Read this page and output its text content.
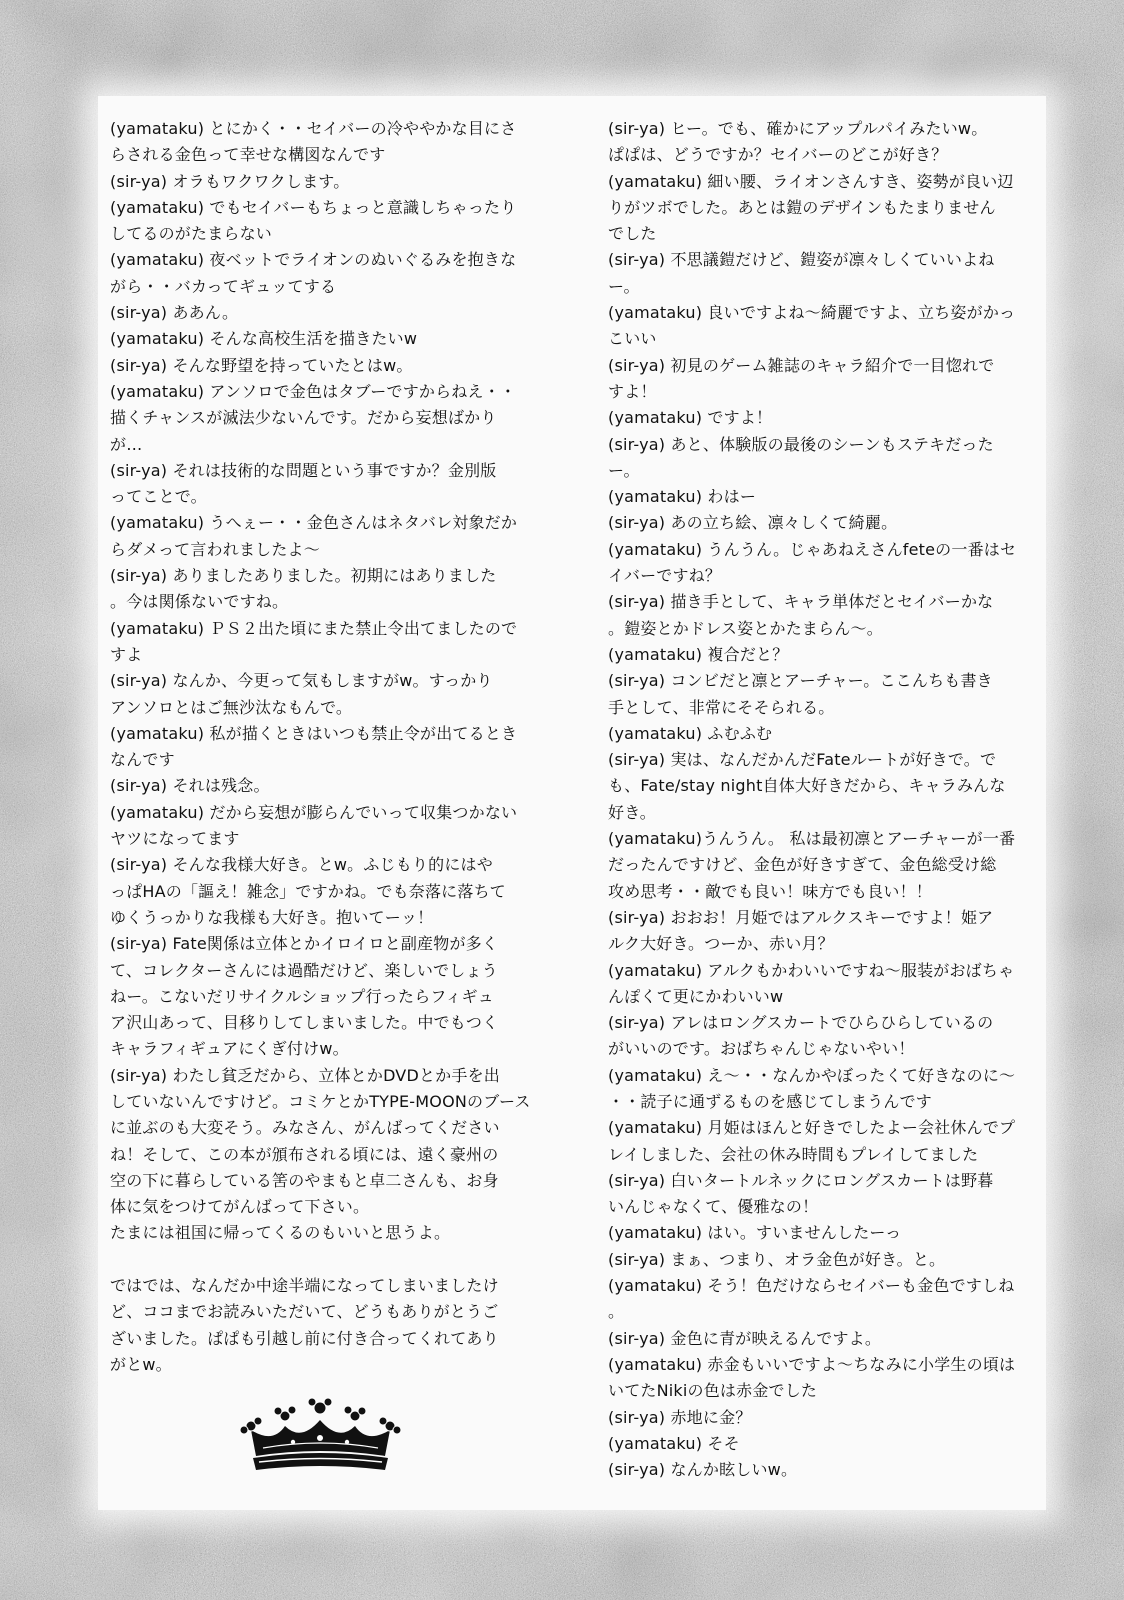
(yamataku) とにかく・・セイバーの冷ややかな目にさ
らされる金色って幸せな構図なんです
(sir-ya) オラもワクワクします。
(yamataku) でもセイバーもちょっと意識しちゃったり
してるのがたまらない
(yamataku) 夜ベットでライオンのぬいぐるみを抱きな
がら・・バカってギュッてする
(sir-ya) ああん。
(yamataku) そんな高校生活を描きたいw
(sir-ya) そんな野望を持っていたとはw。
(yamataku) アンソロで金色はタブーですからねえ・・
描くチャンスが滅法少ないんです。だから妄想ばかり
が…
(sir-ya) それは技術的な問題という事ですか？金別版
ってことで。
(yamataku) うへぇー・・金色さんはネタバレ対象だか
らダメって言われましたよ～
(sir-ya) ありましたありました。初期にはありました
。今は関係ないですね。
(yamataku) ＰＳ２出た頃にまた禁止令出てましたので
すよ
(sir-ya) なんか、今更って気もしますがw。すっかり
アンソロとはご無沙汰なもんで。
(yamataku) 私が描くときはいつも禁止令が出てるとき
なんです
(sir-ya) それは残念。
(yamataku) だから妄想が膨らんでいって収集つかない
ヤツになってます
(sir-ya) そんな我様大好き。とw。ふじもり的にはや
っぱHAの「謳え！雑念」ですかね。でも奈落に落ちて
ゆくうっかりな我様も大好き。抱いてーッ！
(sir-ya) Fate関係は立体とかイロイロと副産物が多く
て、コレクターさんには過酷だけど、楽しいでしょう
ねー。こないだリサイクルショップ行ったらフィギュ
ア沢山あって、目移りしてしまいました。中でもつく
キャラフィギュアにくぎ付けw。
(sir-ya) わたし貧乏だから、立体とかDVDとか手を出
していないんですけど。コミケとかTYPE-MOONのブース
に並ぶのも大変そう。みなさん、がんばってください
ね！そして、この本が頒布される頃には、遠く豪州の
空の下に暮らしている筈のやまもと卓二さんも、お身
体に気をつけてがんばって下さい。
たまには祖国に帰ってくるのもいいと思うよ。
ではでは、なんだか中途半端になってしまいましたけ
ど、ココまでお読みいただいて、どうもありがとうご
ざいました。ぱぱも引越し前に付き合ってくれてあり
がとw。
(sir-ya) ヒー。でも、確かにアップルパイみたいw。
ぱぱは、どうですか？セイバーのどこが好き？
(yamataku) 細い腰、ライオンさんすき、姿勢が良い辺
りがツボでした。あとは鎧のデザインもたまりません
でした
(sir-ya) 不思議鎧だけど、鎧姿が凛々しくていいよね
ー。
(yamataku) 良いですよね～綺麗ですよ、立ち姿がかっ
こいい
(sir-ya) 初見のゲーム雑誌のキャラ紹介で一目惚れで
すよ！
(yamataku) ですよ！
(sir-ya) あと、体験版の最後のシーンもステキだった
ー。
(yamataku) わはー
(sir-ya) あの立ち絵、凛々しくて綺麗。
(yamataku) うんうん。じゃあねえさんfeteの一番はセ
イバーですね？
(sir-ya) 描き手として、キャラ単体だとセイバーかな
。鎧姿とかドレス姿とかたまらん～。
(yamataku) 複合だと？
(sir-ya) コンビだと凛とアーチャー。ここんちも書き
手として、非常にそそられる。
(yamataku) ふむふむ
(sir-ya) 実は、なんだかんだFateルートが好きで。で
も、Fate/stay night自体大好きだから、キャラみんな
好き。
(yamataku)うんうん。 私は最初凛とアーチャーが一番
だったんですけど、金色が好きすぎて、金色総受け総
攻め思考・・敵でも良い！味方でも良い！！
(sir-ya) おおお！月姫ではアルクスキーですよ！姫ア
ルク大好き。つーか、赤い月？
(yamataku) アルクもかわいいですね～服装がおばちゃ
んぽくて更にかわいいw
(sir-ya) アレはロングスカートでひらひらしているの
がいいのです。おばちゃんじゃないやい！
(yamataku) え～・・なんかやぼったくて好きなのに～
・・読子に通ずるものを感じてしまうんです
(yamataku) 月姫はほんと好きでしたよー会社休んでプ
レイしました、会社の休み時間もプレイしてました
(sir-ya) 白いタートルネックにロングスカートは野暮
いんじゃなくて、優雅なの！
(yamataku) はい。すいませんしたーっ
(sir-ya) まぁ、つまり、オラ金色が好き。と。
(yamataku) そう！色だけならセイバーも金色ですしね
。
(sir-ya) 金色に青が映えるんですよ。
(yamataku) 赤金もいいですよ～ちなみに小学生の頃は
いてたNikiの色は赤金でした
(sir-ya) 赤地に金？
(yamataku) そそ
(sir-ya) なんか眩しいw。
